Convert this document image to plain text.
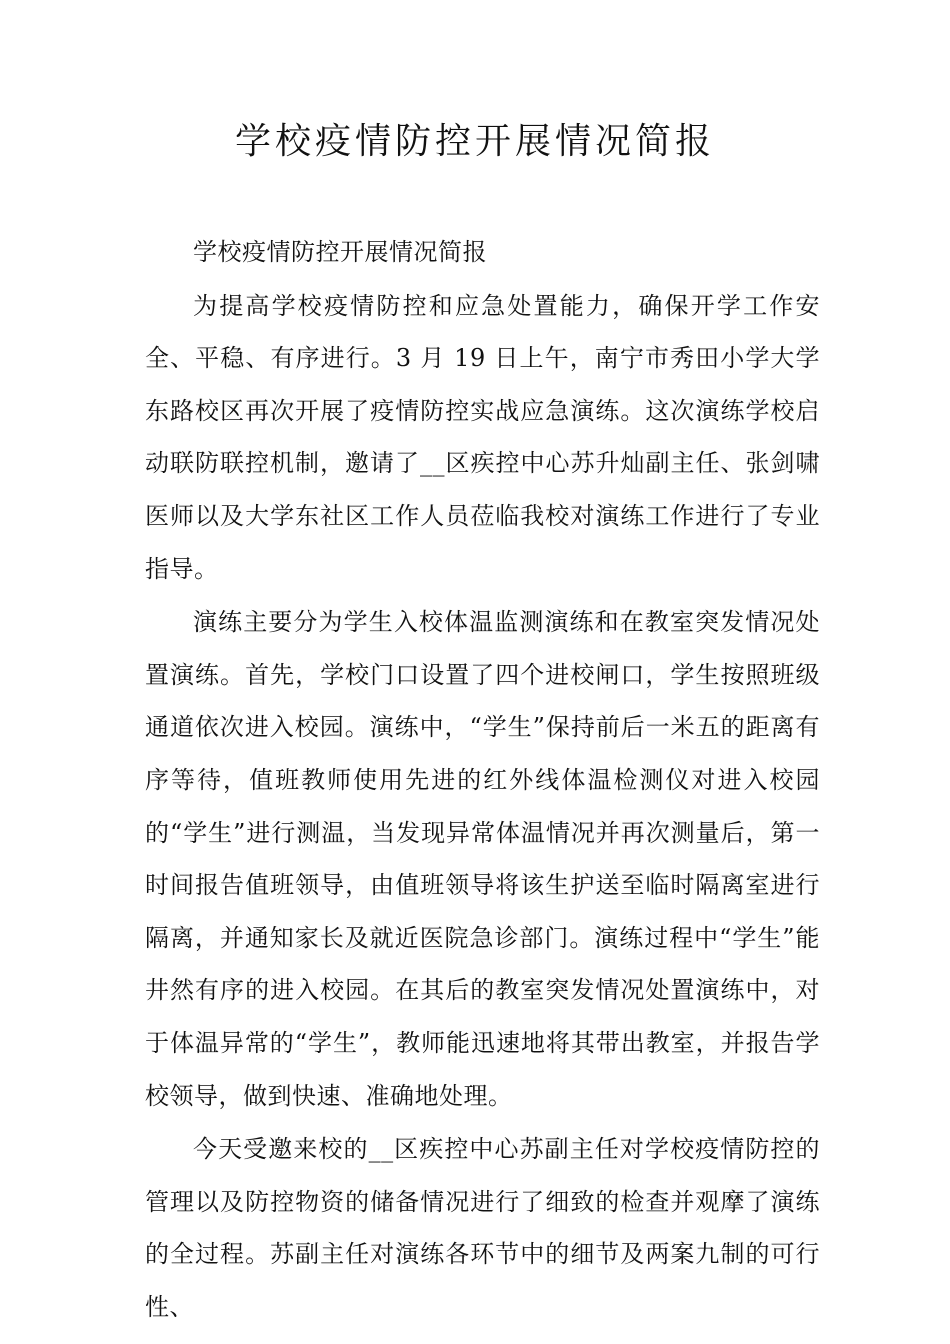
学校疫情防控开展情况简报

学校疫情防控开展情况简报

为提高学校疫情防控和应急处置能力，确保开学工作安全、平稳、有序进行。3 月 19 日上午，南宁市秀田小学大学东路校区再次开展了疫情防控实战应急演练。这次演练学校启动联防联控机制，邀请了__区疾控中心苏升灿副主任、张剑啸医师以及大学东社区工作人员莅临我校对演练工作进行了专业指导。

演练主要分为学生入校体温监测演练和在教室突发情况处置演练。首先，学校门口设置了四个进校闸口，学生按照班级通道依次进入校园。演练中，“学生”保持前后一米五的距离有序等待，值班教师使用先进的红外线体温检测仪对进入校园的“学生”进行测温，当发现异常体温情况并再次测量后，第一时间报告值班领导，由值班领导将该生护送至临时隔离室进行隔离，并通知家长及就近医院急诊部门。演练过程中“学生”能井然有序的进入校园。在其后的教室突发情况处置演练中，对于体温异常的“学生”，教师能迅速地将其带出教室，并报告学校领导，做到快速、准确地处理。

今天受邀来校的__区疾控中心苏副主任对学校疫情防控的管理以及防控物资的储备情况进行了细致的检查并观摩了演练的全过程。苏副主任对演练各环节中的细节及两案九制的可行性、
